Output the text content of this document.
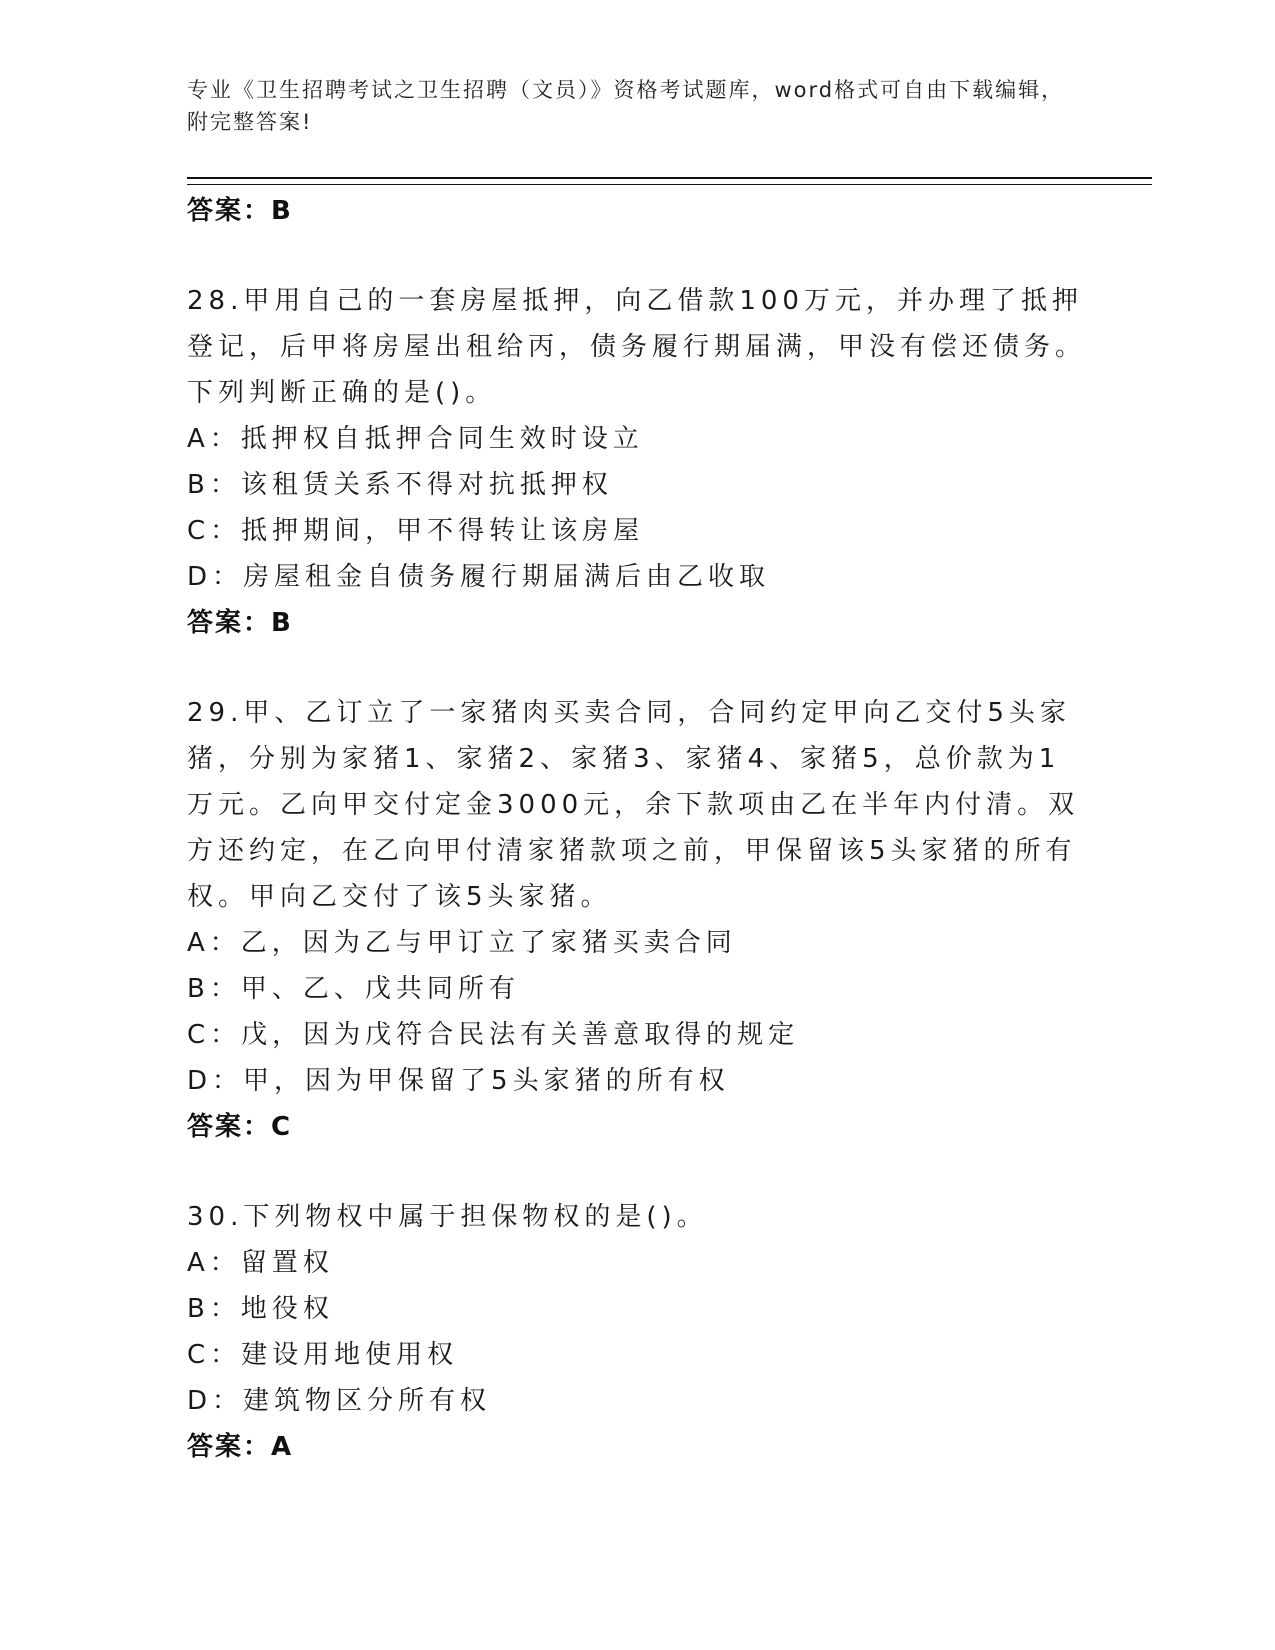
专业《卫生招聘考试之卫生招聘（文员）》资格考试题库，word格式可自由下载编辑，附完整答案!
答案：B
28.甲用自己的一套房屋抵押，向乙借款100万元，并办理了抵押登记，后甲将房屋出租给丙，债务履行期届满，甲没有偿还债务。下列判断正确的是()。
A：抵押权自抵押合同生效时设立
B：该租赁关系不得对抗抵押权
C：抵押期间，甲不得转让该房屋
D：房屋租金自债务履行期届满后由乙收取
答案：B
29.甲、乙订立了一家猪肉买卖合同，合同约定甲向乙交付5头家猪，分别为家猪1、家猪2、家猪3、家猪4、家猪5，总价款为1万元。乙向甲交付定金3000元，余下款项由乙在半年内付清。双方还约定，在乙向甲付清家猪款项之前，甲保留该5头家猪的所有权。甲向乙交付了该5头家猪。
A：乙，因为乙与甲订立了家猪买卖合同
B：甲、乙、戊共同所有
C：戊，因为戊符合民法有关善意取得的规定
D：甲，因为甲保留了5头家猪的所有权
答案：C
30.下列物权中属于担保物权的是()。
A：留置权
B：地役权
C：建设用地使用权
D：建筑物区分所有权
答案：A
